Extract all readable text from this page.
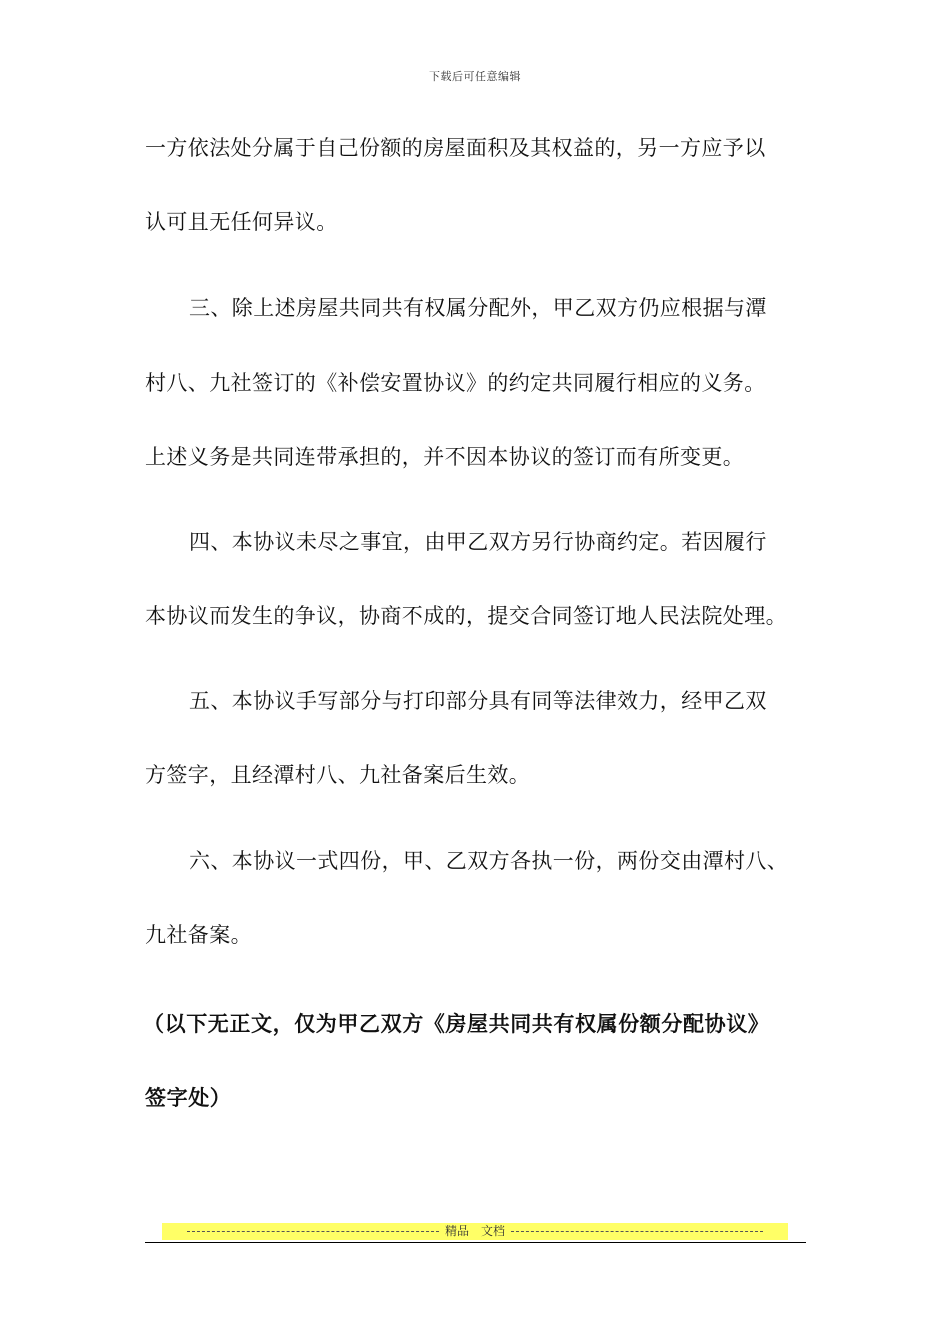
下载后可任意编辑
一方依法处分属于自己份额的房屋面积及其权益的，另一方应予以
认可且无任何异议。
三、除上述房屋共同共有权属分配外，甲乙双方仍应根据与潭
村八、九社签订的《补偿安置协议》的约定共同履行相应的义务。
上述义务是共同连带承担的，并不因本协议的签订而有所变更。
四、本协议未尽之事宜，由甲乙双方另行协商约定。若因履行
本协议而发生的争议，协商不成的，提交合同签订地人民法院处理。
五、本协议手写部分与打印部分具有同等法律效力，经甲乙双
方签字，且经潭村八、九社备案后生效。
六、本协议一式四份，甲、乙双方各执一份，两份交由潭村八、
九社备案。
（以下无正文，仅为甲乙双方《房屋共同共有权属份额分配协议》
签字处）
精品　文档
